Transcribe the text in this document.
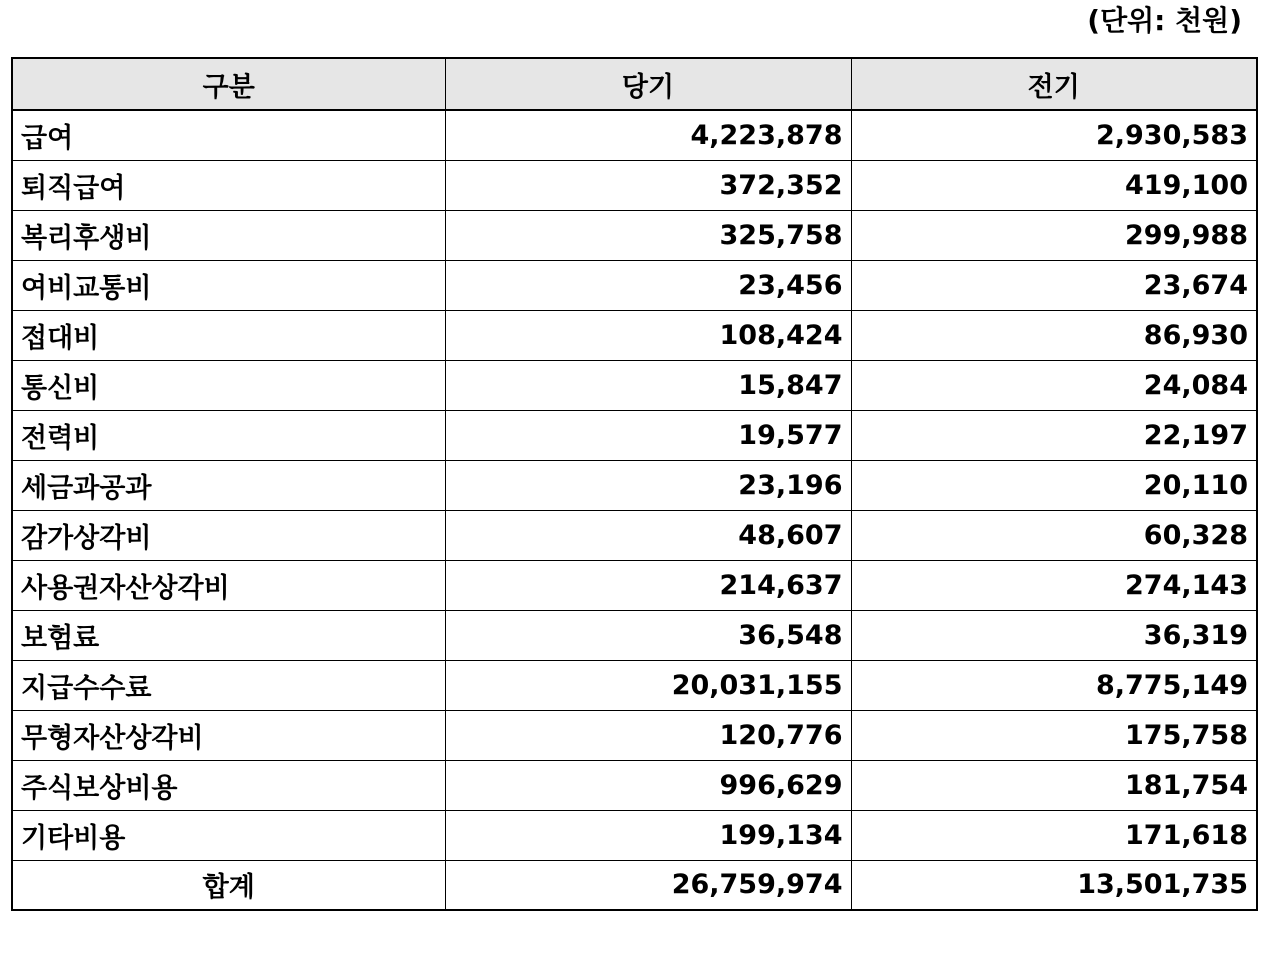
(단위: 천원)
구분	당기	전기
급여	4,223,878	2,930,583
퇴직급여	372,352	419,100
복리후생비	325,758	299,988
여비교통비	23,456	23,674
접대비	108,424	86,930
통신비	15,847	24,084
전력비	19,577	22,197
세금과공과	23,196	20,110
감가상각비	48,607	60,328
사용권자산상각비	214,637	274,143
보험료	36,548	36,319
지급수수료	20,031,155	8,775,149
무형자산상각비	120,776	175,758
주식보상비용	996,629	181,754
기타비용	199,134	171,618
합계	26,759,974	13,501,735
